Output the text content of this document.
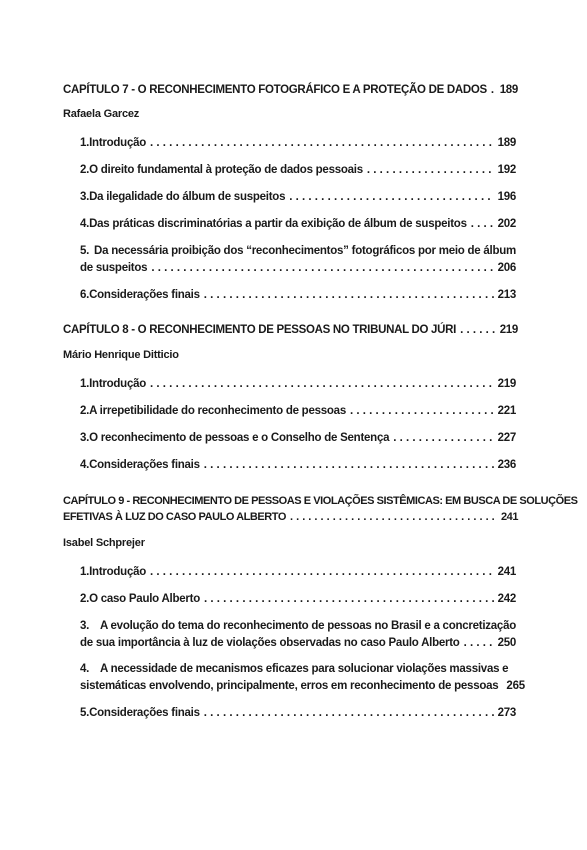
CAPÍTULO 7 - O RECONHECIMENTO FOTOGRÁFICO E A PROTEÇÃO DE DADOS . . . 189
Rafaela Garcez
1. Introdução . . .	189
2. O direito fundamental à proteção de dados pessoais . . .	192
3. Da ilegalidade do álbum de suspeitos . . .	196
4. Das práticas discriminatórias a partir da exibição de álbum de suspeitos . . .	202
5. Da necessária proibição dos “reconhecimentos” fotográficos por meio de álbum
de suspeitos . . .	206
6. Considerações finais . . .	213
CAPÍTULO 8 - O RECONHECIMENTO DE PESSOAS NO TRIBUNAL DO JÚRI . . .	219
Mário Henrique Ditticio
1. Introdução . . .	219
2. A irrepetibilidade do reconhecimento de pessoas . . .	221
3. O reconhecimento de pessoas e o Conselho de Sentença . . .	227
4. Considerações finais . . .	236
CAPÍTULO 9 - RECONHECIMENTO DE PESSOAS E VIOLAÇÕES SISTÊMICAS: EM BUSCA DE SOLUÇÕES
EFETIVAS À LUZ DO CASO PAULO ALBERTO . . .	241
Isabel Schprejer
1. Introdução . . .	241
2. O caso Paulo Alberto . . .	242
3. A evolução do tema do reconhecimento de pessoas no Brasil e a concretização
de sua importância à luz de violações observadas no caso Paulo Alberto . . .	250
4. A necessidade de mecanismos eficazes para solucionar violações massivas e
sistemáticas envolvendo, principalmente, erros em reconhecimento de pessoas 265
5. Considerações finais . . .	273
